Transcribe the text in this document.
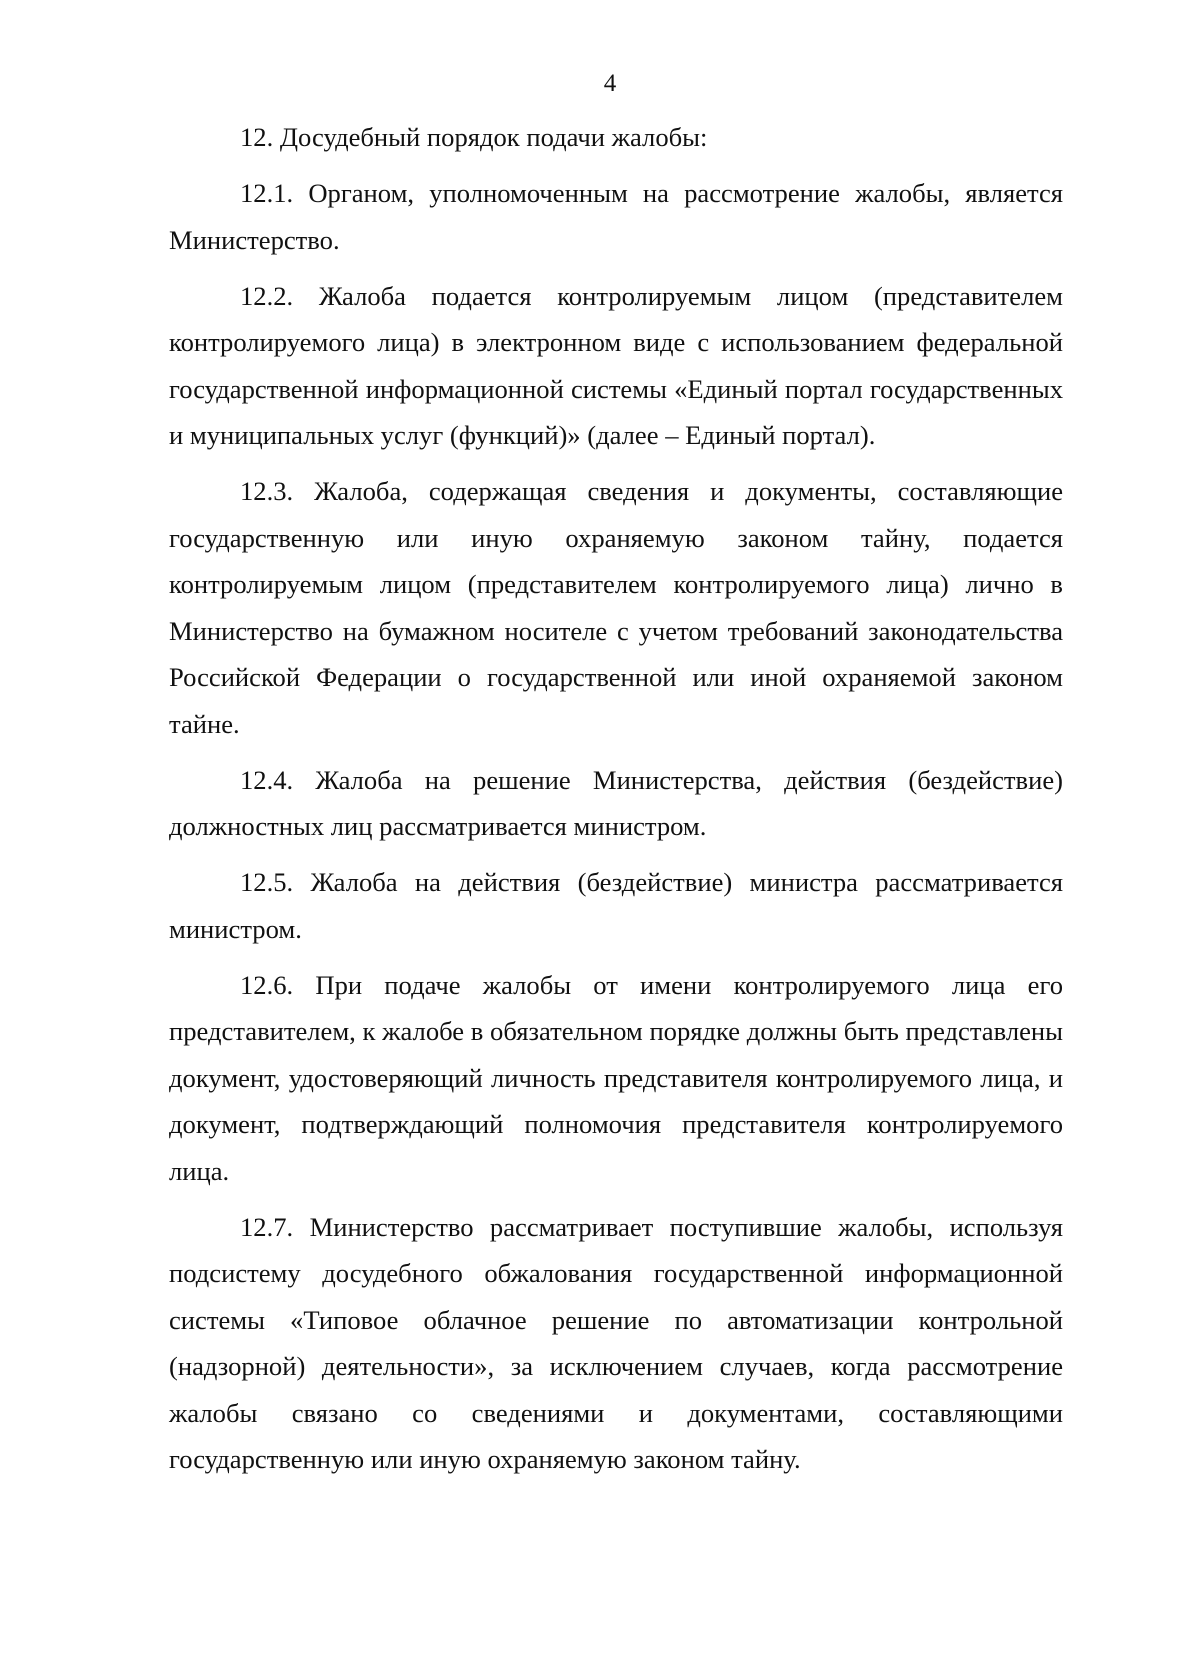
4

12. Досудебный порядок подачи жалобы:

12.1. Органом, уполномоченным на рассмотрение жалобы, является Министерство.

12.2. Жалоба подается контролируемым лицом (представителем контролируемого лица) в электронном виде с использованием федеральной государственной информационной системы «Единый портал государственных и муниципальных услуг (функций)» (далее – Единый портал).

12.3. Жалоба, содержащая сведения и документы, составляющие государственную или иную охраняемую законом тайну, подается контролируемым лицом (представителем контролируемого лица) лично в Министерство на бумажном носителе с учетом требований законодательства Российской Федерации о государственной или иной охраняемой законом тайне.

12.4. Жалоба на решение Министерства, действия (бездействие) должностных лиц рассматривается министром.

12.5. Жалоба на действия (бездействие) министра рассматривается министром.

12.6. При подаче жалобы от имени контролируемого лица его представителем, к жалобе в обязательном порядке должны быть представлены документ, удостоверяющий личность представителя контролируемого лица, и документ, подтверждающий полномочия представителя контролируемого лица.

12.7. Министерство рассматривает поступившие жалобы, используя подсистему досудебного обжалования государственной информационной системы «Типовое облачное решение по автоматизации контрольной (надзорной) деятельности», за исключением случаев, когда рассмотрение жалобы связано со сведениями и документами, составляющими государственную или иную охраняемую законом тайну.
